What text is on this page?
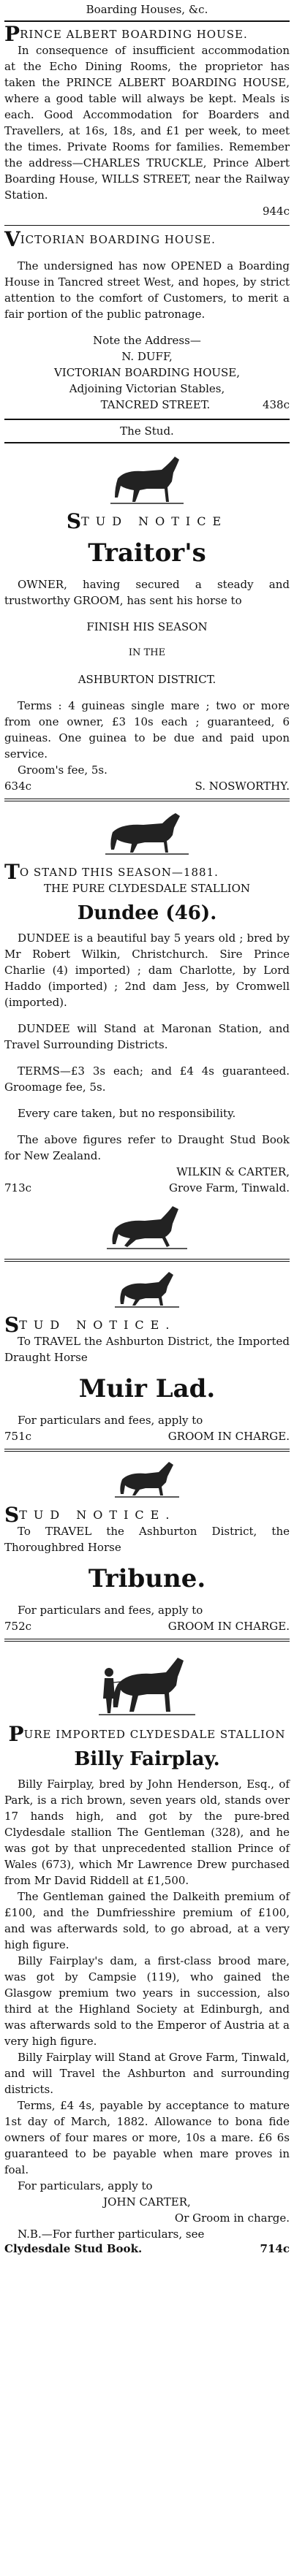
Boarding Houses, &c.

PRINCE ALBERT BOARDING HOUSE.

In consequence of insufficient accommodation at the Echo Dining Rooms, the proprietor has taken the PRINCE ALBERT BOARDING HOUSE, where a good table will always be kept. Meals is each. Good Accommodation for Boarders and Travellers, at 16s, 18s, and £1 per week, to meet the times. Private Rooms for families. Remember the address—CHARLES TRUCKLE, Prince Albert Boarding House, WILLS STREET, near the Railway Station.

944c

VICTORIAN BOARDING HOUSE.

The undersigned has now OPENED a Boarding House in Tancred street West, and hopes, by strict attention to the comfort of Customers, to merit a fair portion of the public patronage.

Note the Address—

N. DUFF,

VICTORIAN BOARDING HOUSE,

Adjoining Victorian Stables,

TANCRED STREET.	438c
The Stud.

STUD NOTICE

Traitor's

OWNER, having secured a steady and trustworthy GROOM, has sent his horse to

FINISH HIS SEASON

IN THE

ASHBURTON DISTRICT.

Terms : 4 guineas single mare ; two or more from one owner, £3 10s each ; guaranteed, 6 guineas. One guinea to be due and paid upon service.

Groom's fee, 5s.

634c	S. NOSWORTHY.

TO STAND THIS SEASON—1881.

THE PURE CLYDESDALE STALLION

Dundee (46).

DUNDEE is a beautiful bay 5 years old ; bred by Mr Robert Wilkin, Christchurch. Sire Prince Charlie (4) imported) ; dam Charlotte, by Lord Haddo (imported) ; 2nd dam Jess, by Cromwell (imported).

DUNDEE will Stand at Maronan Station, and Travel Surrounding Districts.

TERMS—£3 3s each; and £4 4s guaranteed. Groomage fee, 5s.

Every care taken, but no responsibility.

The above figures refer to Draught Stud Book for New Zealand.

WILKIN & CARTER,

713c	Grove Farm, Tinwald.

STUD NOTICE.

To TRAVEL the Ashburton District, the Imported Draught Horse

Muir Lad.

For particulars and fees, apply to

751c	GROOM IN CHARGE.

STUD NOTICE.

To TRAVEL the Ashburton District, the Thoroughbred Horse

Tribune.

For particulars and fees, apply to

752c	GROOM IN CHARGE.

PURE IMPORTED CLYDESDALE STALLION

Billy Fairplay.

Billy Fairplay, bred by John Henderson, Esq., of Park, is a rich brown, seven years old, stands over 17 hands high, and got by the pure-bred Clydesdale stallion The Gentleman (328), and he was got by that unprecedented stallion Prince of Wales (673), which Mr Lawrence Drew purchased from Mr David Riddell at £1,500.

The Gentleman gained the Dalkeith premium of £100, and the Dumfriesshire premium of £100, and was afterwards sold, to go abroad, at a very high figure.

Billy Fairplay's dam, a first-class brood mare, was got by Campsie (119), who gained the Glasgow premium two years in succession, also third at the Highland Society at Edinburgh, and was afterwards sold to the Emperor of Austria at a very high figure.

Billy Fairplay will Stand at Grove Farm, Tinwald, and will Travel the Ashburton and surrounding districts.

Terms, £4 4s, payable by acceptance to mature 1st day of March, 1882. Allowance to bona fide owners of four mares or more, 10s a mare. £6 6s guaranteed to be payable when mare proves in foal.

For particulars, apply to

JOHN CARTER,

Or Groom in charge.

N.B.—For further particulars, see

Clydesdale Stud Book.	714c
